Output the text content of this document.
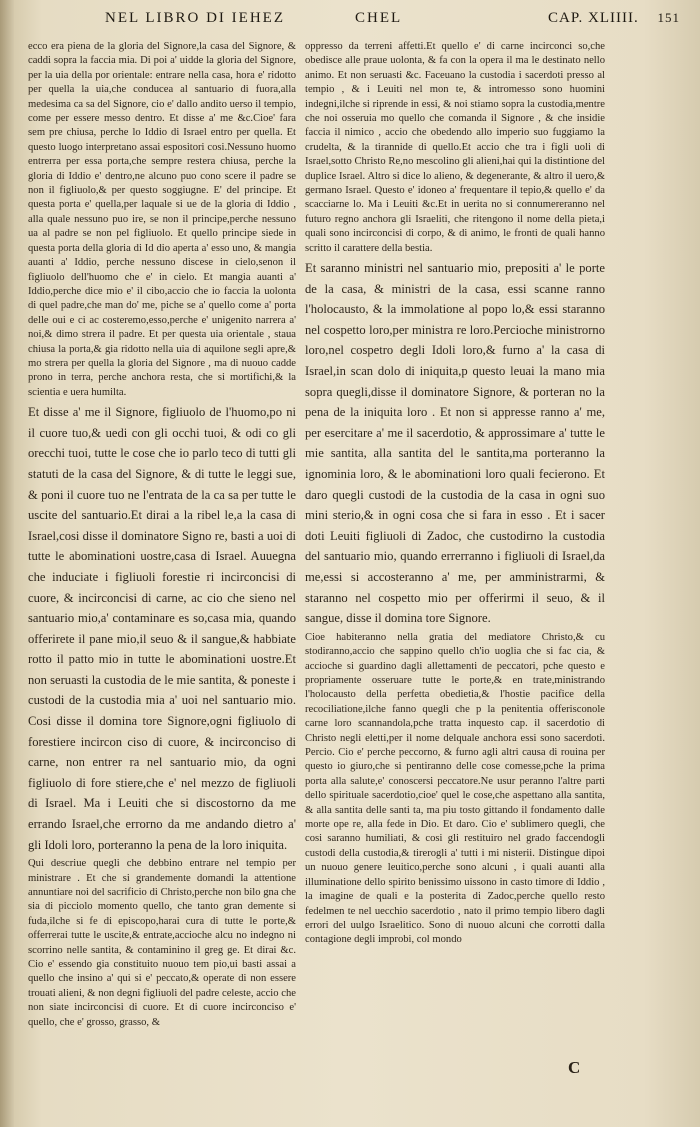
NEL LIBRO DI IEHEZ	CHEL	CAP. XLIIII. 151

ecco era piena de la gloria del Signore,la casa del Signore, & caddi sopra la faccia mia. Di poi a' uidde la gloria del Signore, per la uia della por orientale: entrare nella casa, hora e' ridotto per quella la uia,che conducea al santuario di fuora,alla medesima ca sa del Signore, cio e' dallo andito uerso il tempio, come per essere messo dentro. Et disse a' me &c.Cioe' fara sem pre chiusa, perche lo Iddio di Israel entro per quella. Et questo luogo interpretano assai espositori cosi.Nessuno huomo entrerra per essa porta,che sempre restera chiusa, perche la gloria di Iddio e' dentro,ne alcuno puo cono scere il padre se non il figliuolo,& per questo soggiugne. E' del principe. Et questa porta e' quella,per laquale si ue de la gloria di Iddio , alla quale nessuno puo ire, se non il principe,perche nessuno ua al padre se non pel figliuolo. Et quello principe siede in questa porta della gloria di Id dio aperta a' esso uno, & mangia auanti a' Iddio, perche nessuno discese in cielo,senon il figliuolo dell'huomo che e' in cielo. Et mangia auanti a' Iddio,perche dice mio e' il cibo,accio che io faccia la uolonta di quel padre,che man do' me, piche se a' quello come a' porta delle oui e ci ac costeremo,esso,perche e' unigenito narrera a' noi,& dimo strera il padre. Et per questa uia orientale , staua chiusa la porta,& gia ridotto nella uia di aquilone segli apre,& mo strera per quella la gloria del Signore , ma di nuouo cadde prono in terra, perche anchora resta, che si mortifichi,& la scientia e uera humilta.

Et disse a' me il Signore, figliuolo de l'huomo,po ni il cuore tuo,& uedi con gli occhi tuoi, & odi co gli orecchi tuoi, tutte le cose che io parlo teco di tutti gli statuti de la casa del Signore, & di tutte le leggi sue, & poni il cuore tuo ne l'entrata de la ca sa per tutte le uscite del santuario.Et dirai a la ribel le,a la casa di Israel,cosi disse il dominatore Signo re, basti a uoi di tutte le abominationi uostre,casa di Israel. Auuegna che induciate i figliuoli forestie ri incirconcisi di cuore, & incirconcisi di carne, ac cio che sieno nel santuario mio,a' contaminare es so,casa mia, quando offerirete il pane mio,il seuo & il sangue,& habbiate rotto il patto mio in tutte le abominationi uostre.Et non seruasti la custodia de le mie santita, & poneste i custodi de la custodia mia a' uoi nel santuario mio. Cosi disse il domina tore Signore,ogni figliuolo di forestiere incircon ciso di cuore, & incirconciso di carne, non entrer ra nel santuario mio, da ogni figliuolo di fore stiere,che e' nel mezzo de figliuoli di Israel. Ma i Leuiti che si discostorno da me errando Israel,che errorno da me andando dietro a' gli Idoli loro, porteranno la pena de la loro iniquita.

Qui descriue quegli che debbino entrare nel tempio per ministrare . Et che si grandemente domandi la attentione annuntiare noi del sacrificio di Christo,perche non bilo gna che sia di picciolo momento quello, che tanto gran demente si fuda,ilche si fe di episcopo,harai cura di tutte le porte,& offerrerai tutte le uscite,& entrate,accioche alcu no indegno ni scorrino nelle santita, & contaminino il greg ge. Et dirai &c. Cio e' essendo gia constituito nuouo tem pio,ui basti assai a quello che insino a' qui si e' peccato,& operate di non essere trouati alieni, & non degni figliuoli del padre celeste, accio che non siate incirconcisi di cuore. Et di cuore incirconciso e' quello, che e' grosso, grasso, &

oppresso da terreni affetti.Et quello e' di carne incirconci so,che obedisce alle praue uolonta, & fa con la opera il ma le destinato nello animo. Et non seruasti &c. Faceuano la custodia i sacerdoti presso al tempio , & i Leuiti nel mon te, & intromesso sono huomini indegni,ilche si riprende in essi, & noi stiamo sopra la custodia,mentre che noi osseruia mo quello che comanda il Signore , & che insidie faccia il nimico , accio che obedendo allo imperio suo fuggiamo la crudelta, & la tirannide di quello.Et accio che tra i figli uoli di Israel,sotto Christo Re,no mescolino gli alieni,hai qui la distintione del duplice Israel. Altro si dice lo alieno, & degenerante, & altro il uero,& germano Israel. Questo e' idoneo a' frequentare il tepio,& quello e' da scacciarne lo. Ma i Leuiti &c.Et in uerita no si connumereranno nel futuro regno anchora gli Israeliti, che ritengono il nome della pieta,i quali sono incirconcisi di corpo, & di animo, le fronti de quali hanno scritto il carattere della bestia.

Et saranno ministri nel santuario mio, prepositi a' le porte de la casa, & ministri de la casa, essi scanne ranno l'holocausto, & la immolatione al popo lo,& essi staranno nel cospetto loro,per ministra re loro.Percioche ministrorno loro,nel cospetro degli Idoli loro,& furno a' la casa di Israel,in scan dolo di iniquita,p questo leuai la mano mia sopra quegli,disse il dominatore Signore, & porteran no la pena de la iniquita loro . Et non si appresse ranno a' me, per esercitare a' me il sacerdotio, & approssimare a' tutte le mie santita, alla santita del le santita,ma porteranno la ignominia loro, & le abominationi loro quali fecierono. Et daro quegli custodi de la custodia de la casa in ogni suo mini sterio,& in ogni cosa che si fara in esso . Et i sacer doti Leuiti figliuoli di Zadoc, che custodirno la custodia del santuario mio, quando errerranno i figliuoli di Israel,da me,essi si accosteranno a' me, per amministrarmi, & staranno nel cospetto mio per offerirmi il seuo, & il sangue, disse il domina tore Signore.

Cioe habiteranno nella gratia del mediatore Christo,& cu stodiranno,accio che sappino quello ch'io uoglia che si fac cia, & accioche si guardino dagli allettamenti de peccatori, pche questo e propriamente osseruare tutte le porte,& en trate,ministrando l'holocausto della perfetta obedietia,& l'hostie pacifice della recociliatione,ilche fanno quegli che p la penitentia offerisconole carne loro scannandola,pche tratta inquesto cap. il sacerdotio di Christo negli eletti,per il nome delquale anchora essi sono sacerdoti. Percio. Cio e' perche peccorno, & furno agli altri causa di rouina per questo io giuro,che si pentiranno delle cose comesse,pche la prima porta alla salute,e' conoscersi peccatore.Ne usur peranno l'altre parti dello spirituale sacerdotio,cioe' quel le cose,che aspettano alla santita, & alla santita delle santi ta, ma piu tosto gittando il fondamento dalle morte ope re, alla fede in Dio. Et daro. Cio e' sublimero quegli, che cosi saranno humiliati, & cosi gli restituiro nel grado faccendogli custodi della custodia,& tirerogli a' tutti i mi nisterii. Distingue dipoi un nuouo genere leuitico,perche sono alcuni , i quali auanti alla illuminatione dello spirito benissimo uissono in casto timore di Iddio , la imagine de quali e la posterita di Zadoc,perche quello resto fedelmen te nel uecchio sacerdotio , nato il primo tempio libero dagli errori del uulgo Israelitico. Sono di nuouo alcuni che corrotti dalla contagione degli improbi, col mondo

C
